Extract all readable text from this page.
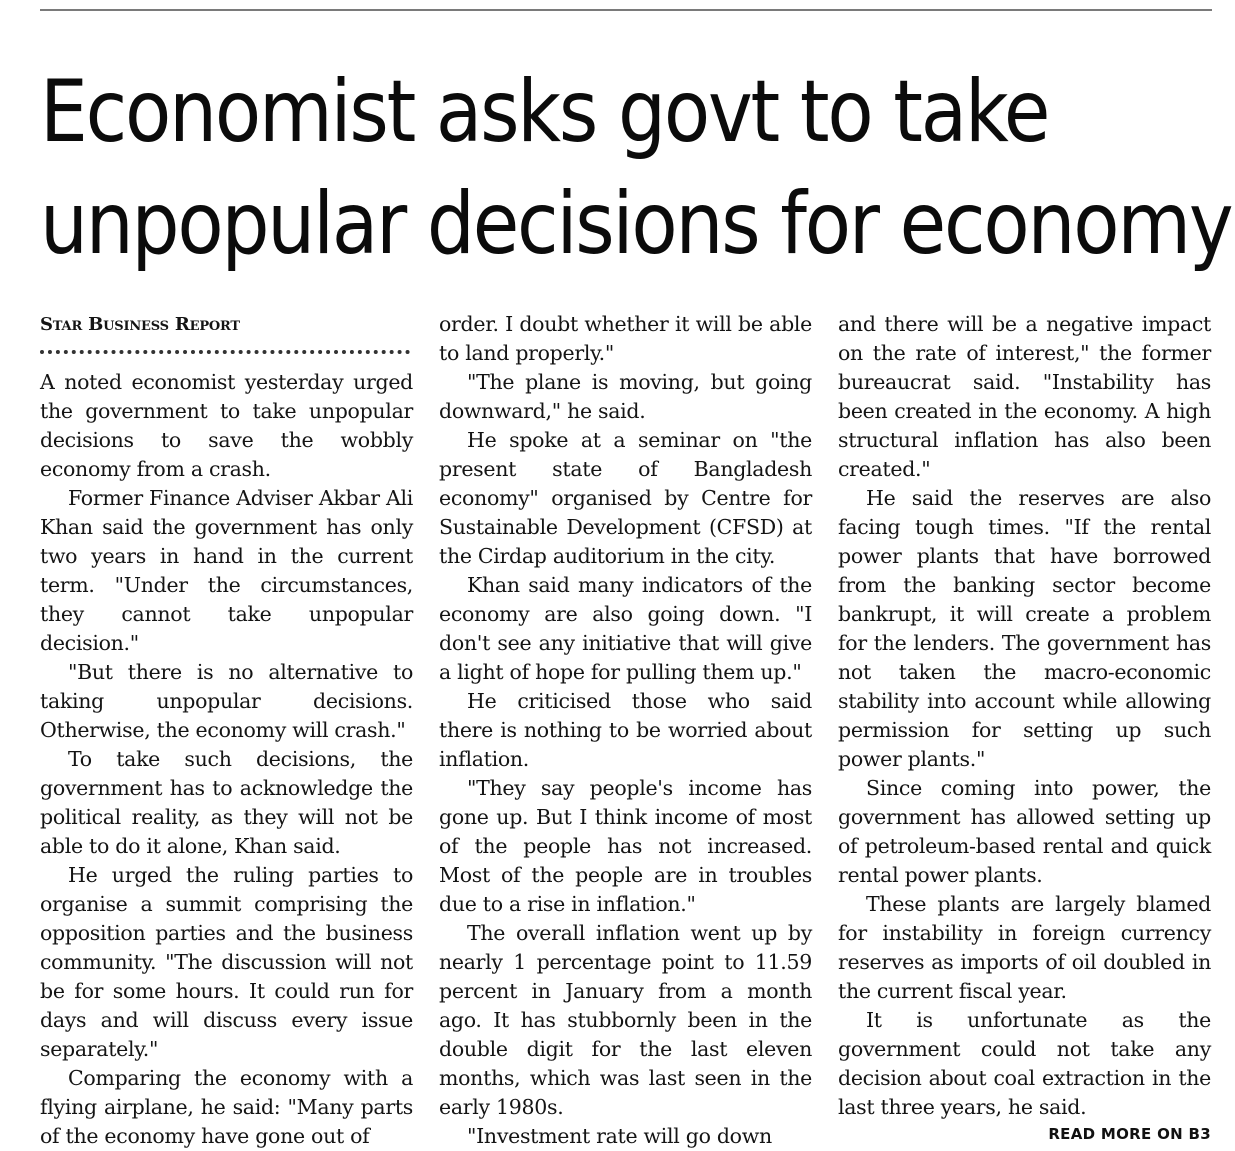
Economist asks govt to take
unpopular decisions for economy
Star Business Report

A noted economist yesterday urged the government to take unpopular decisions to save the wobbly economy from a crash.

Former Finance Adviser Akbar Ali Khan said the government has only two years in hand in the current term. "Under the circumstances, they cannot take unpopular decision."

"But there is no alternative to taking unpopular decisions. Otherwise, the economy will crash."

To take such decisions, the government has to acknowledge the political reality, as they will not be able to do it alone, Khan said.

He urged the ruling parties to organise a summit comprising the opposition parties and the business community. "The discussion will not be for some hours. It could run for days and will discuss every issue separately."

Comparing the economy with a flying airplane, he said: "Many parts of the economy have gone out of

order. I doubt whether it will be able to land properly."

"The plane is moving, but going downward," he said.

He spoke at a seminar on "the present state of Bangladesh economy" organised by Centre for Sustainable Development (CFSD) at the Cirdap auditorium in the city.

Khan said many indicators of the economy are also going down. "I don't see any initiative that will give a light of hope for pulling them up."

He criticised those who said there is nothing to be worried about inflation.

"They say people's income has gone up. But I think income of most of the people has not increased. Most of the people are in troubles due to a rise in inflation."

The overall inflation went up by nearly 1 percentage point to 11.59 percent in January from a month ago. It has stubbornly been in the double digit for the last eleven months, which was last seen in the early 1980s.

"Investment rate will go down

and there will be a negative impact on the rate of interest," the former bureaucrat said. "Instability has been created in the economy. A high structural inflation has also been created."

He said the reserves are also facing tough times. "If the rental power plants that have borrowed from the banking sector become bankrupt, it will create a problem for the lenders. The government has not taken the macro-economic stability into account while allowing permission for setting up such power plants."

Since coming into power, the government has allowed setting up of petroleum-based rental and quick rental power plants.

These plants are largely blamed for instability in foreign currency reserves as imports of oil doubled in the current fiscal year.

It is unfortunate as the government could not take any decision about coal extraction in the last three years, he said.

READ MORE ON B3
